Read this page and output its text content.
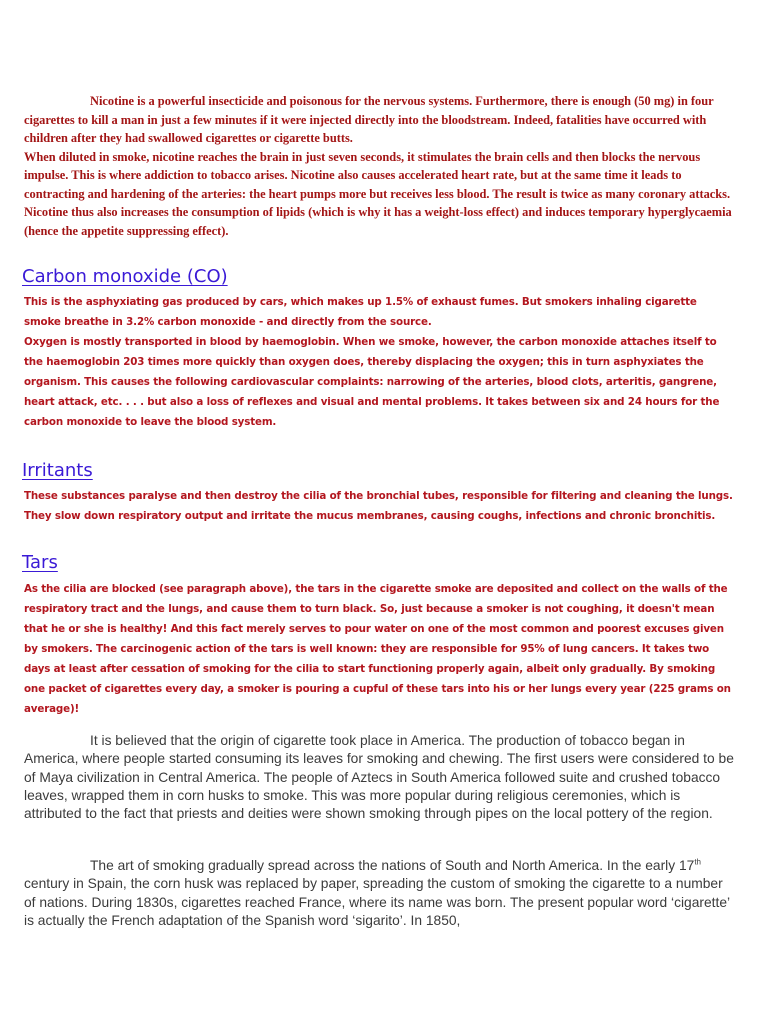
Nicotine is a powerful insecticide and poisonous for the nervous systems. Furthermore, there is enough (50 mg) in four cigarettes to kill a man in just a few minutes if it were injected directly into the bloodstream. Indeed, fatalities have occurred with children after they had swallowed cigarettes or cigarette butts.

When diluted in smoke, nicotine reaches the brain in just seven seconds, it stimulates the brain cells and then blocks the nervous impulse. This is where addiction to tobacco arises. Nicotine also causes accelerated heart rate, but at the same time it leads to contracting and hardening of the arteries: the heart pumps more but receives less blood. The result is twice as many coronary attacks. Nicotine thus also increases the consumption of lipids (which is why it has a weight-loss effect) and induces temporary hyperglycaemia (hence the appetite suppressing effect).

Carbon monoxide (CO)

This is the asphyxiating gas produced by cars, which makes up 1.5% of exhaust fumes. But smokers inhaling cigarette smoke breathe in 3.2% carbon monoxide - and directly from the source.

Oxygen is mostly transported in blood by haemoglobin. When we smoke, however, the carbon monoxide attaches itself to the haemoglobin 203 times more quickly than oxygen does, thereby displacing the oxygen; this in turn asphyxiates the organism. This causes the following cardiovascular complaints: narrowing of the arteries, blood clots, arteritis, gangrene, heart attack, etc. . . . but also a loss of reflexes and visual and mental problems. It takes between six and 24 hours for the carbon monoxide to leave the blood system.

Irritants

These substances paralyse and then destroy the cilia of the bronchial tubes, responsible for filtering and cleaning the lungs. They slow down respiratory output and irritate the mucus membranes, causing coughs, infections and chronic bronchitis.

Tars

As the cilia are blocked (see paragraph above), the tars in the cigarette smoke are deposited and collect on the walls of the respiratory tract and the lungs, and cause them to turn black. So, just because a smoker is not coughing, it doesn't mean that he or she is healthy! And this fact merely serves to pour water on one of the most common and poorest excuses given by smokers. The carcinogenic action of the tars is well known: they are responsible for 95% of lung cancers. It takes two days at least after cessation of smoking for the cilia to start functioning properly again, albeit only gradually. By smoking one packet of cigarettes every day, a smoker is pouring a cupful of these tars into his or her lungs every year (225 grams on average)!

It is believed that the origin of cigarette took place in America. The production of tobacco began in America, where people started consuming its leaves for smoking and chewing. The first users were considered to be of Maya civilization in Central America. The people of Aztecs in South America followed suite and crushed tobacco leaves, wrapped them in corn husks to smoke. This was more popular during religious ceremonies, which is attributed to the fact that priests and deities were shown smoking through pipes on the local pottery of the region.

The art of smoking gradually spread across the nations of South and North America. In the early 17th century in Spain, the corn husk was replaced by paper, spreading the custom of smoking the cigarette to a number of nations. During 1830s, cigarettes reached France, where its name was born. The present popular word ‘cigarette’ is actually the French adaptation of the Spanish word ‘sigarito’. In 1850,
